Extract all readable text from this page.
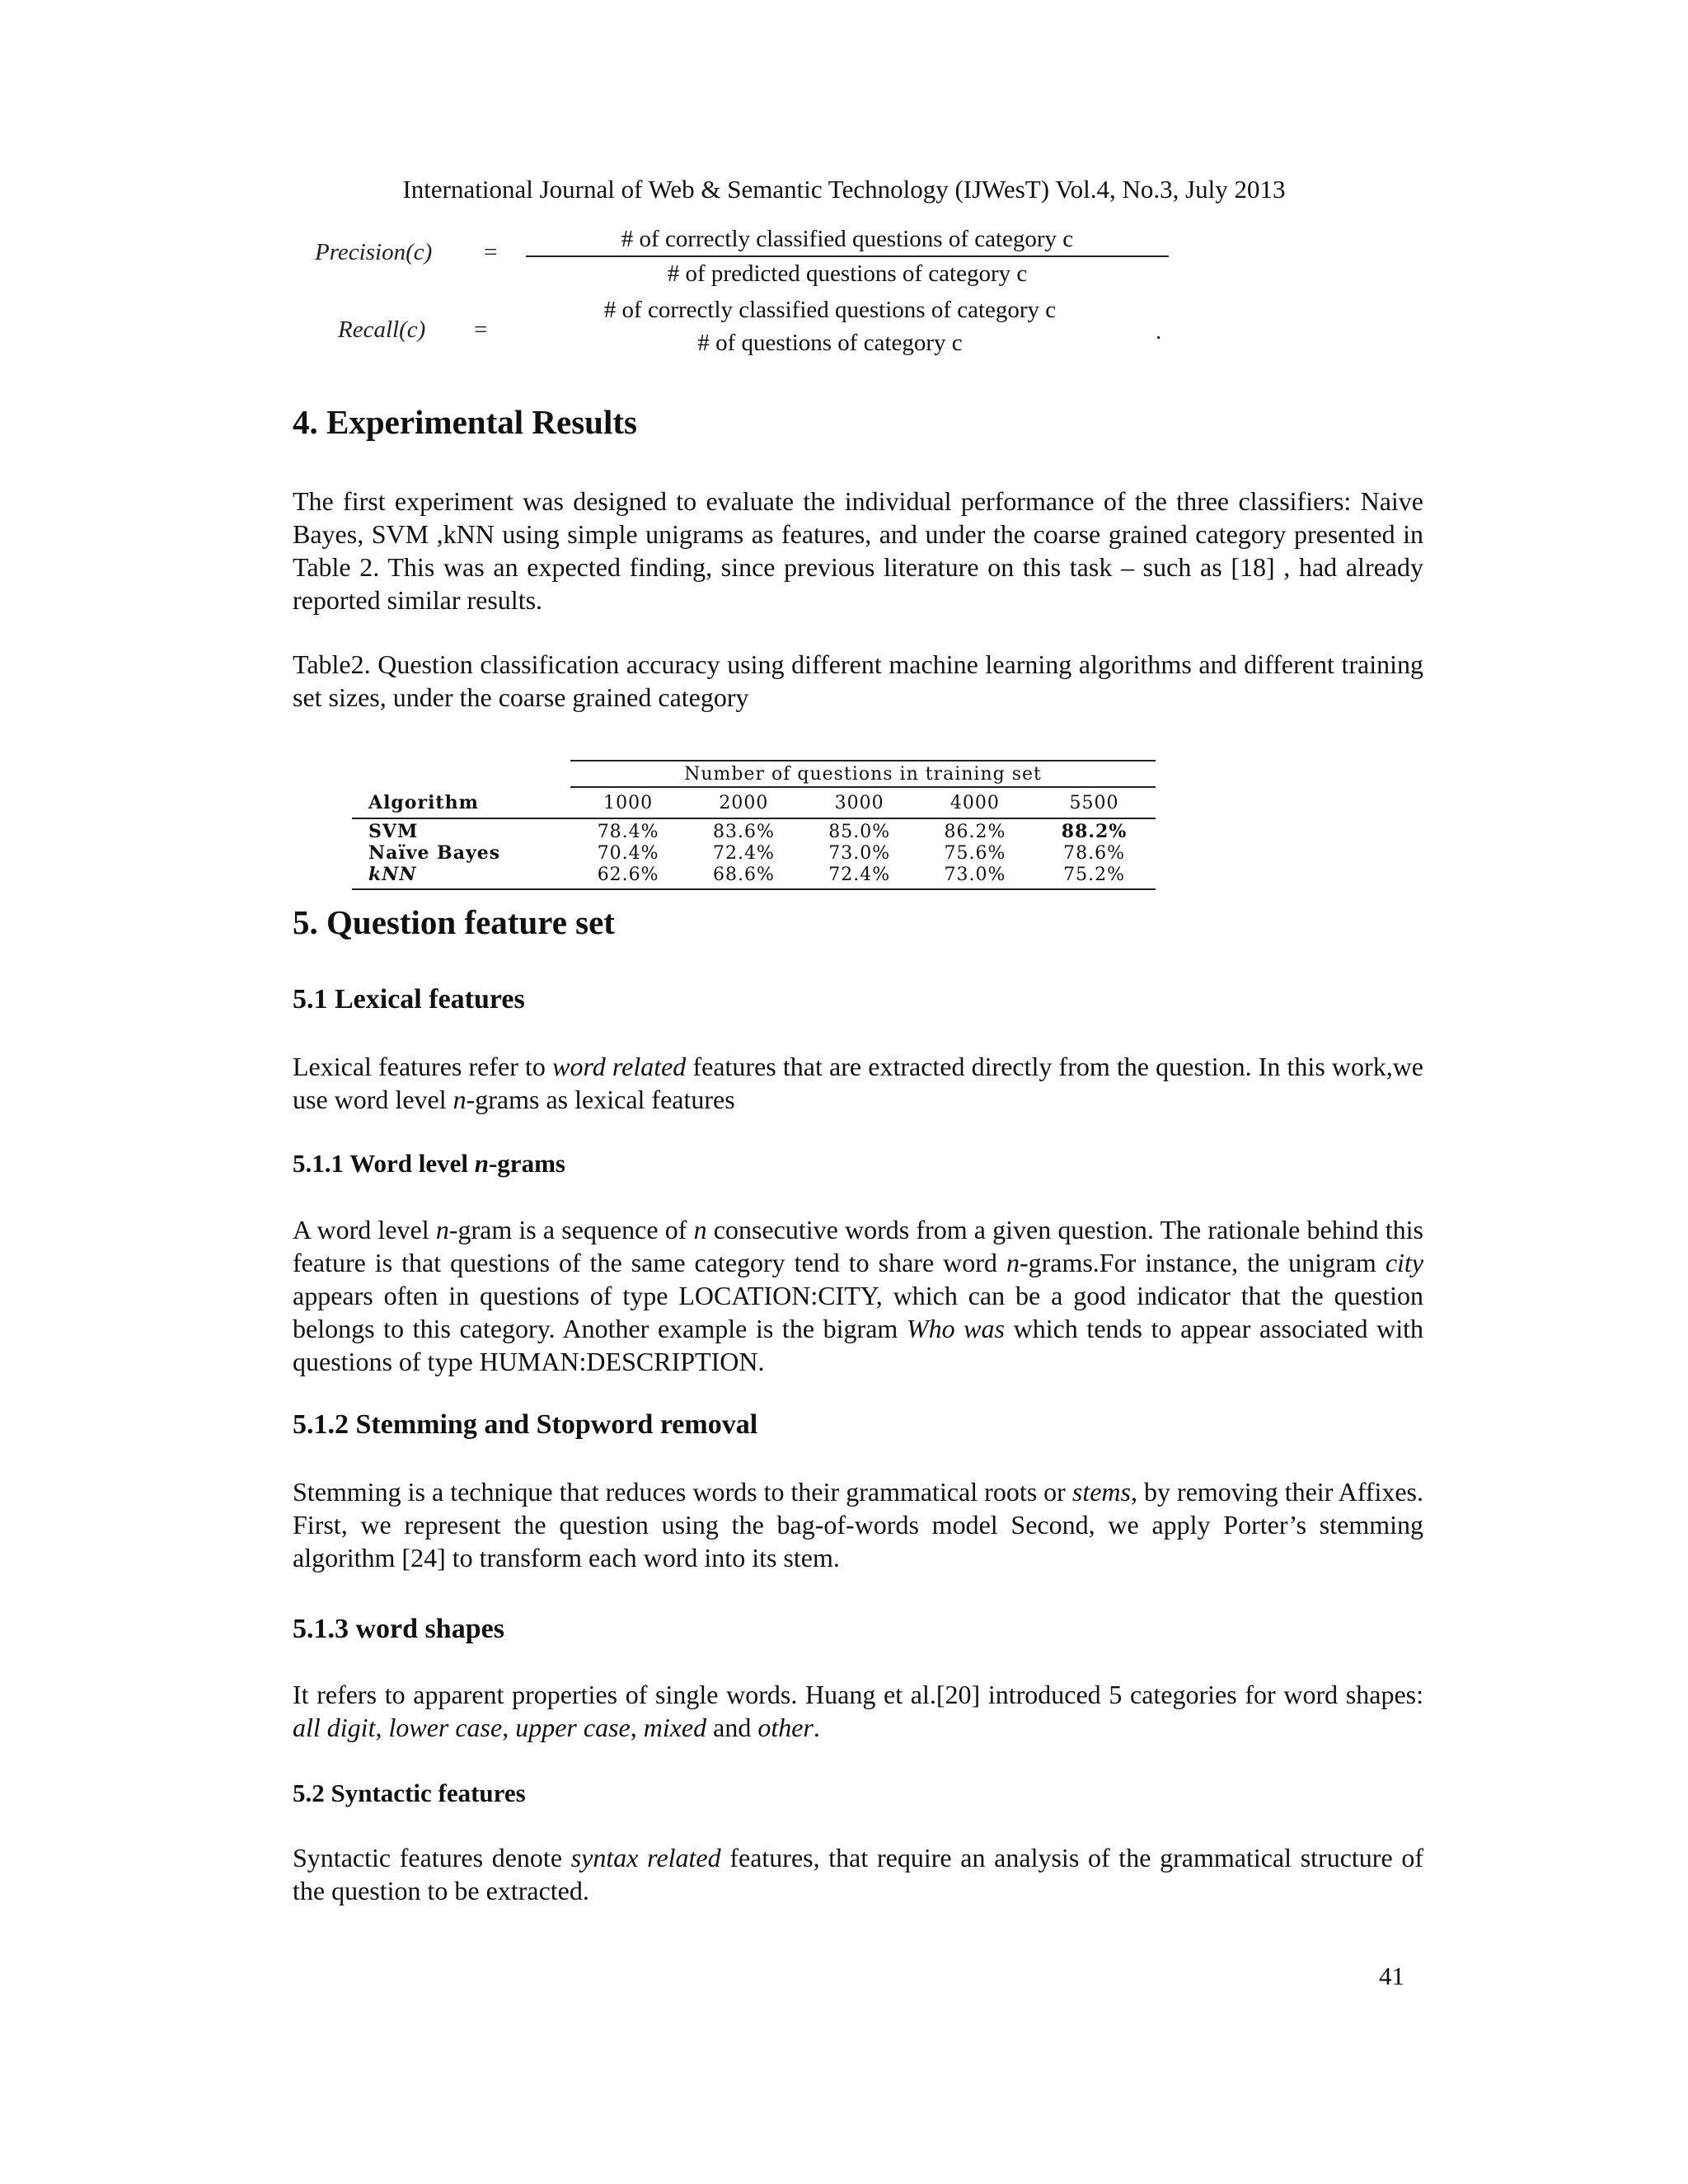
International Journal of Web & Semantic Technology (IJWesT) Vol.4, No.3, July 2013
Precision(c) =	# of correctly classified questions of category c
# of predicted questions of category c
Recall(c) =
# of correctly classified questions of category c
# of questions of category c	.
4. Experimental Results

The first experiment was designed to evaluate the individual performance of the three classifiers: Naive Bayes, SVM ,kNN using simple unigrams as features, and under the coarse grained category presented in Table 2. This was an expected finding, since previous literature on this task – such as [18] , had already reported similar results.

Table2. Question classification accuracy using different machine learning algorithms and different training set sizes, under the coarse grained category

	Number of questions in training set				
Algorithm	1000	2000	3000	4000	5500
SVM	78.4%	83.6%	85.0%	86.2%	88.2%
Naïve Bayes	70.4%	72.4%	73.0%	75.6%	78.6%
kNN	62.6%	68.6%	72.4%	73.0%	75.2%
5. Question feature set
5.1 Lexical features

Lexical features refer to word related features that are extracted directly from the question. In this work,we use word level n-grams as lexical features

5.1.1 Word level n-grams

A word level n-gram is a sequence of n consecutive words from a given question. The rationale behind this feature is that questions of the same category tend to share word n-grams.For instance, the unigram city appears often in questions of type LOCATION:CITY, which can be a good indicator that the question belongs to this category. Another example is the bigram Who was which tends to appear associated with questions of type HUMAN:DESCRIPTION.

5.1.2 Stemming and Stopword removal

Stemming is a technique that reduces words to their grammatical roots or stems, by removing their Affixes. First, we represent the question using the bag-of-words model Second, we apply Porter’s stemming algorithm [24] to transform each word into its stem.

5.1.3 word shapes

It refers to apparent properties of single words. Huang et al.[20] introduced 5 categories for word shapes: all digit, lower case, upper case, mixed and other.

5.2 Syntactic features

Syntactic features denote syntax related features, that require an analysis of the grammatical structure of the question to be extracted.

41
